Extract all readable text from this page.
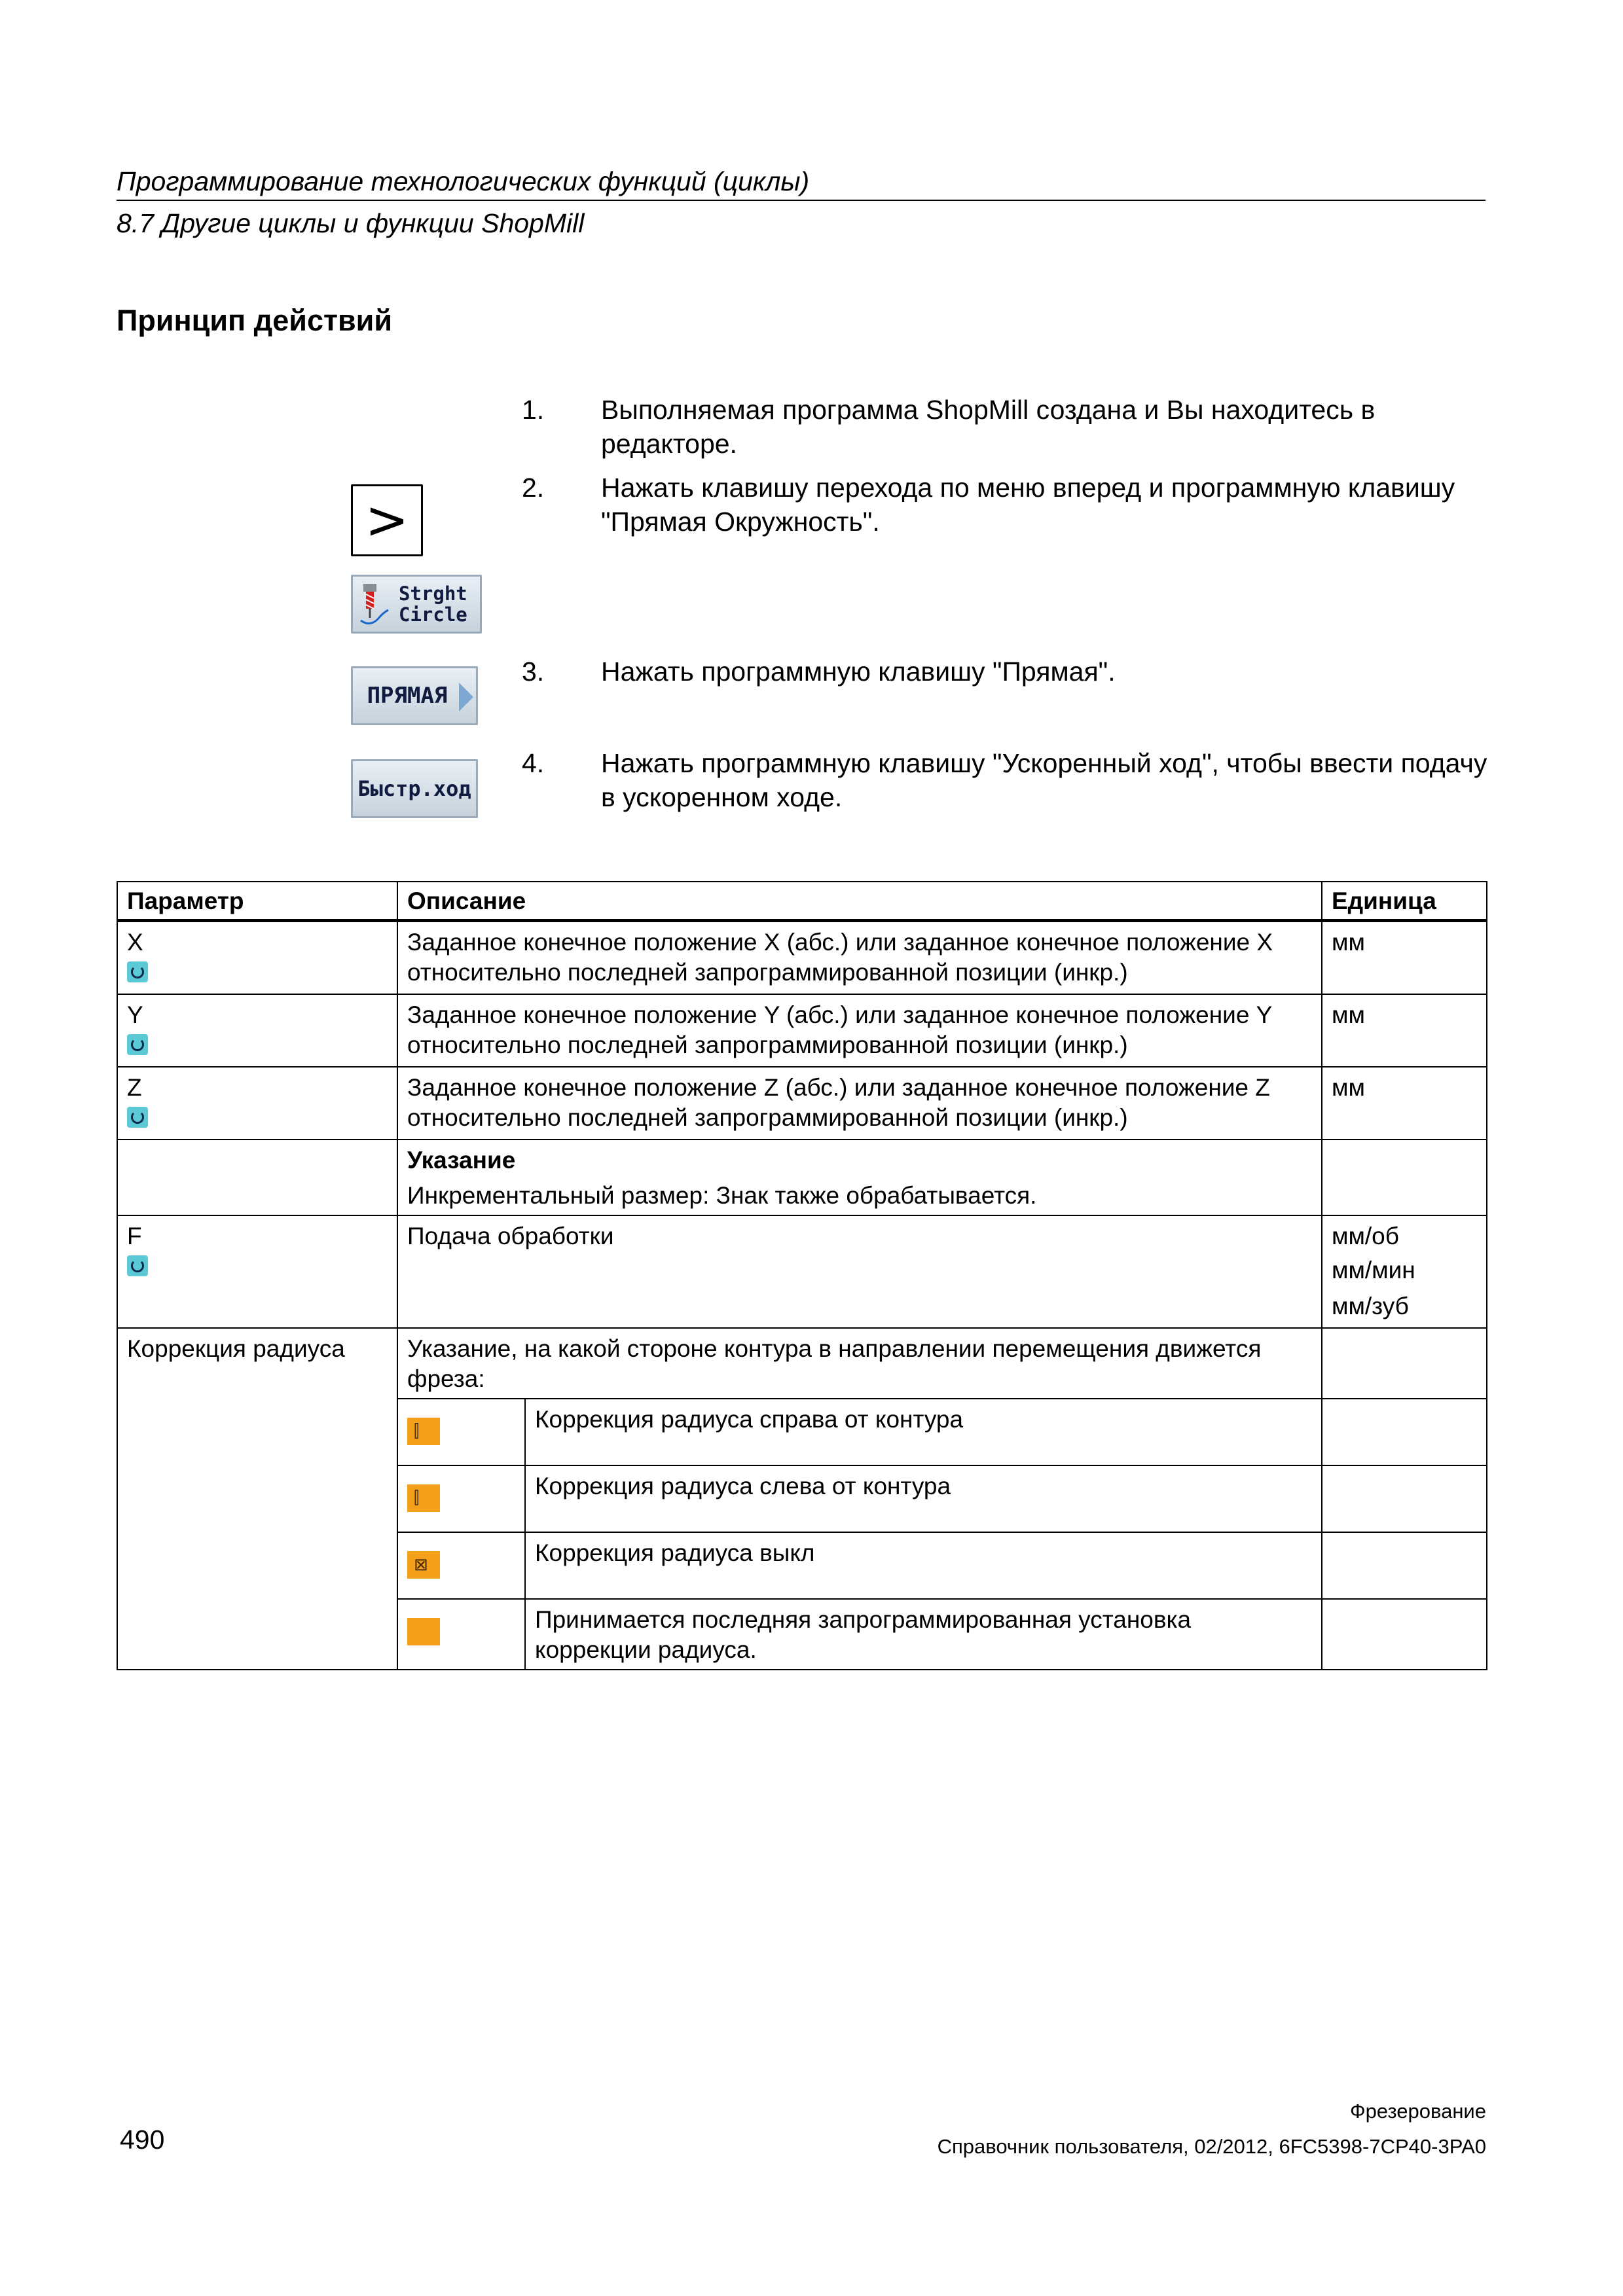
Программирование технологических функций (циклы)
8.7 Другие циклы и функции ShopMill
Принцип действий
1. Выполняемая программа ShopMill создана и Вы находитесь в редакторе.
2. Нажать клавишу перехода по меню вперед и программную клавишу "Прямая Окружность".
3. Нажать программную клавишу "Прямая".
4. Нажать программную клавишу "Ускоренный ход", чтобы ввести подачу в ускоренном ходе.
>
Strght
Circle
ПРЯМАЯ
Быстр.ход
Параметр	Описание		Единица

X	Заданное конечное положение X (абс.) или заданное конечное положение X относительно последней запрограммированной позиции (инкр.)		мм

Y	Заданное конечное положение Y (абс.) или заданное конечное положение Y относительно последней запрограммированной позиции (инкр.)		мм

Z	Заданное конечное положение Z (абс.) или заданное конечное положение Z относительно последней запрограммированной позиции (инкр.)		мм

	Указание
Инкрементальный размер: Знак также обрабатывается.		

F	Подача обработки		мм/об
мм/мин
мм/зуб

Коррекция радиуса	Указание, на какой стороне контура в направлении перемещения движется фреза:		

	⫿	Коррекция радиуса справа от контура	

	⫿	Коррекция радиуса слева от контура	

	⊠	Коррекция радиуса выкл	
		Принимается последняя запрограммированная установка коррекции радиуса.	
Фрезерование
490	Справочник пользователя, 02/2012, 6FC5398-7CP40-3PA0
